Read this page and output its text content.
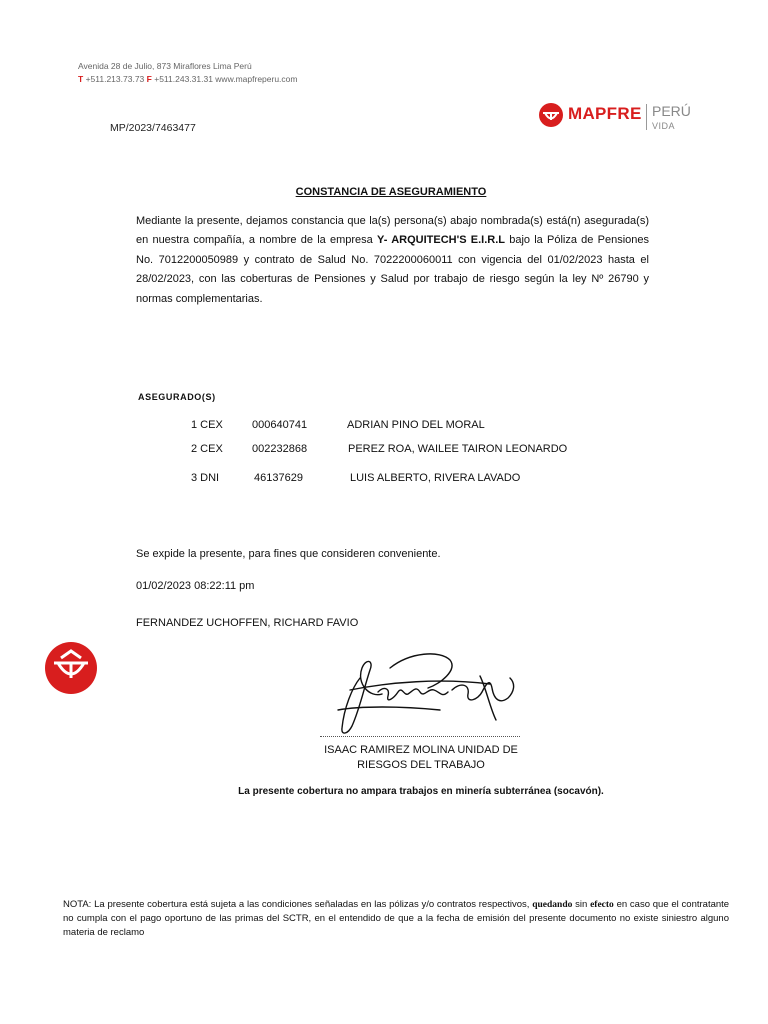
Avenida 28 de Julio, 873 Miraflores Lima Perú
T +511.213.73.73 F +511.243.31.31 www.mapfreperu.com
MAPFRE PERÚ
VIDA
MP/2023/7463477
CONSTANCIA DE ASEGURAMIENTO
Mediante la presente, dejamos constancia que la(s) persona(s) abajo nombrada(s) está(n) asegurada(s) en nuestra compañía, a nombre de la empresa Y- ARQUITECH'S E.I.R.L bajo la Póliza de Pensiones No. 7012200050989 y contrato de Salud No. 7022200060011 con vigencia del 01/02/2023 hasta el 28/02/2023, con las coberturas de Pensiones y Salud por trabajo de riesgo según la ley Nº 26790 y normas complementarias.
ASEGURADO(S)
1 CEX	000640741	ADRIAN PINO DEL MORAL
2 CEX	002232868	PEREZ ROA, WAILEE TAIRON LEONARDO
3 DNI	46137629	LUIS ALBERTO, RIVERA LAVADO
Se expide la presente, para fines que consideren conveniente.
01/02/2023 08:22:11 pm
FERNANDEZ UCHOFFEN, RICHARD FAVIO
ISAAC RAMIREZ MOLINA UNIDAD DE
RIESGOS DEL TRABAJO
La presente cobertura no ampara trabajos en minería subterránea (socavón).
NOTA: La presente cobertura está sujeta a las condiciones señaladas en las pólizas y/o contratos respectivos, quedando sin efecto en caso que el contratante no cumpla con el pago oportuno de las primas del SCTR, en el entendido de que a la fecha de emisión del presente documento no existe siniestro alguno materia de reclamo
